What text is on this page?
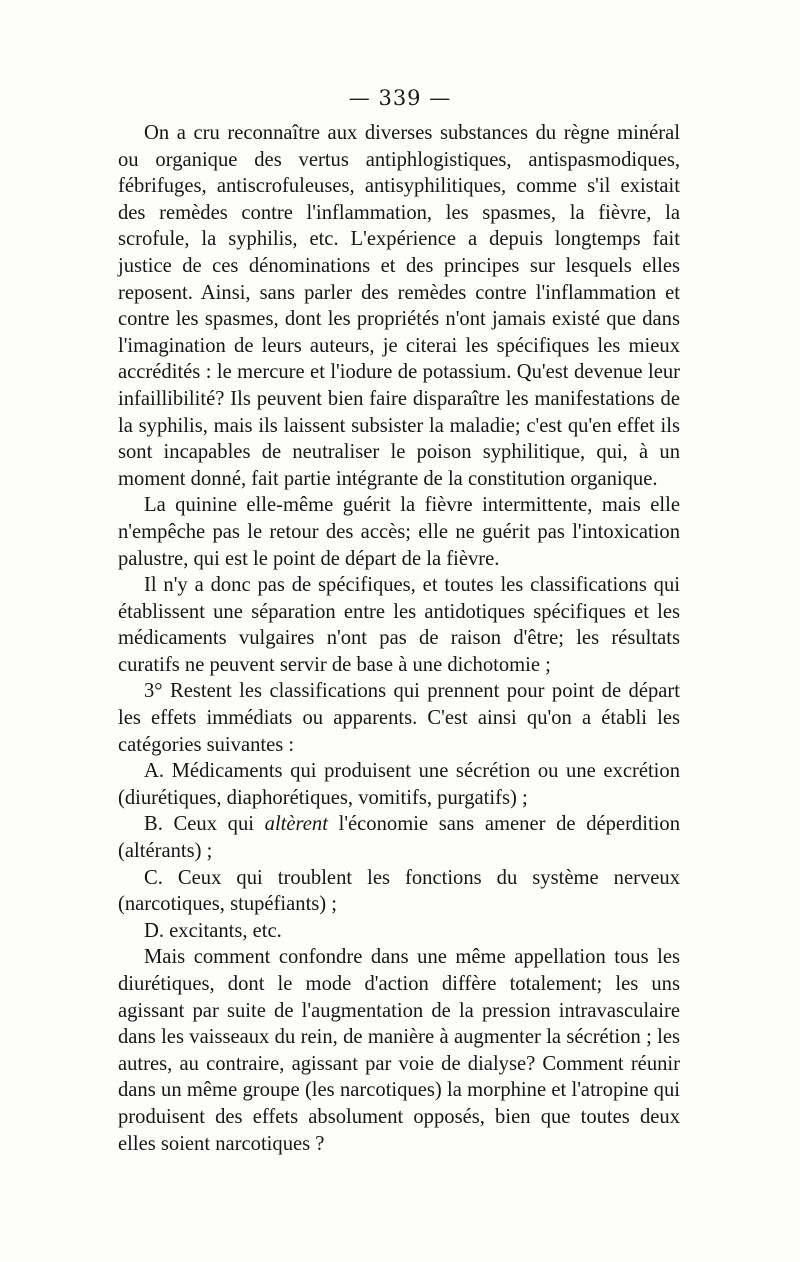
— 339 —

On a cru reconnaître aux diverses substances du règne minéral ou organique des vertus antiphlogistiques, antispasmodiques, fébrifuges, antiscrofuleuses, antisyphilitiques, comme s'il existait des remèdes contre l'inflammation, les spasmes, la fièvre, la scrofule, la syphilis, etc. L'expérience a depuis longtemps fait justice de ces dénominations et des principes sur lesquels elles reposent. Ainsi, sans parler des remèdes contre l'inflammation et contre les spasmes, dont les propriétés n'ont jamais existé que dans l'imagination de leurs auteurs, je citerai les spécifiques les mieux accrédités : le mercure et l'iodure de potassium. Qu'est devenue leur infaillibilité? Ils peuvent bien faire disparaître les manifestations de la syphilis, mais ils laissent subsister la maladie; c'est qu'en effet ils sont incapables de neutraliser le poison syphilitique, qui, à un moment donné, fait partie intégrante de la constitution organique.

La quinine elle-même guérit la fièvre intermittente, mais elle n'empêche pas le retour des accès; elle ne guérit pas l'intoxication palustre, qui est le point de départ de la fièvre.

Il n'y a donc pas de spécifiques, et toutes les classifications qui établissent une séparation entre les antidotiques spécifiques et les médicaments vulgaires n'ont pas de raison d'être; les résultats curatifs ne peuvent servir de base à une dichotomie ;

3° Restent les classifications qui prennent pour point de départ les effets immédiats ou apparents. C'est ainsi qu'on a établi les catégories suivantes :

A. Médicaments qui produisent une sécrétion ou une excrétion (diurétiques, diaphorétiques, vomitifs, purgatifs) ;

B. Ceux qui altèrent l'économie sans amener de déperdition (altérants) ;

C. Ceux qui troublent les fonctions du système nerveux (narcotiques, stupéfiants) ;

D. excitants, etc.

Mais comment confondre dans une même appellation tous les diurétiques, dont le mode d'action diffère totalement; les uns agissant par suite de l'augmentation de la pression intravasculaire dans les vaisseaux du rein, de manière à augmenter la sécrétion ; les autres, au contraire, agissant par voie de dialyse? Comment réunir dans un même groupe (les narcotiques) la morphine et l'atropine qui produisent des effets absolument opposés, bien que toutes deux elles soient narcotiques ?
